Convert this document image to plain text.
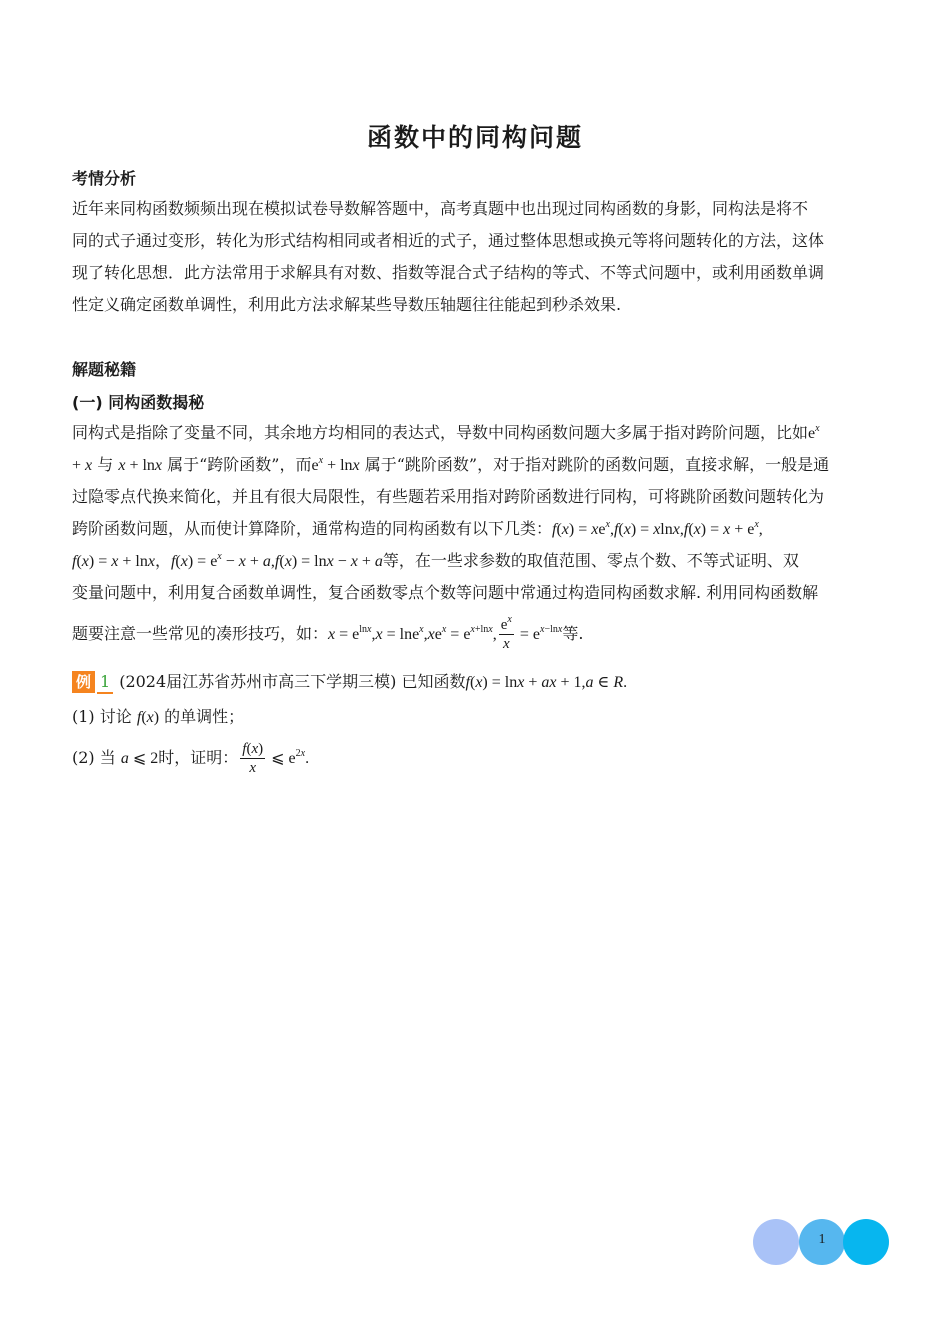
函数中的同构问题
考情分析
近年来同构函数频频出现在模拟试卷导数解答题中，高考真题中也出现过同构函数的身影，同构法是将不
同的式子通过变形，转化为形式结构相同或者相近的式子，通过整体思想或换元等将问题转化的方法，这体
现了转化思想．此方法常用于求解具有对数、指数等混合式子结构的等式、不等式问题中，或利用函数单调
性定义确定函数单调性，利用此方法求解某些导数压轴题往往能起到秒杀效果.
解题秘籍
(一) 同构函数揭秘
同构式是指除了变量不同，其余地方均相同的表达式，导数中同构函数问题大多属于指对跨阶问题，比如$e^x$
+ x 与 x + lnx 属于“跨阶函数”，而$e^x + \ln x$ 属于“跳阶函数”，对于指对跳阶的函数问题，直接求解，一般是通
过隐零点代换来简化，并且有很大局限性，有些题若采用指对跨阶函数进行同构，可将跳阶函数问题转化为
跨阶函数问题，从而使计算降阶，通常构造的同构函数有以下几类：$f(x) = xe^x,f(x) = xlnx,f(x) = x + e^x$,
f(x) = x + lnx，$f(x) = e^x - x + a,f(x) = \ln x - x + a$等，在一些求参数的取值范围、零点个数、不等式证明、双
变量问题中，利用复合函数单调性，复合函数零点个数等问题中常通过构造同构函数求解. 利用同构函数解
题要注意一些常见的凑形技巧，如：$x = e^{lnx},x = \ln e^x,xe^x = e^{x+lnx}$, $\frac{e^x}{x} = e^{x-lnx}$等.
例 1 (2024届江苏省苏州市高三下学期三模) 已知函数f(x) = lnx + ax + 1,a ∈ R.
(1) 讨论 f(x) 的单调性；
(2) 当 a ⩽ 2时，证明： $\frac{f(x)}{x}$ ⩽ $e^{2x}$.
1
